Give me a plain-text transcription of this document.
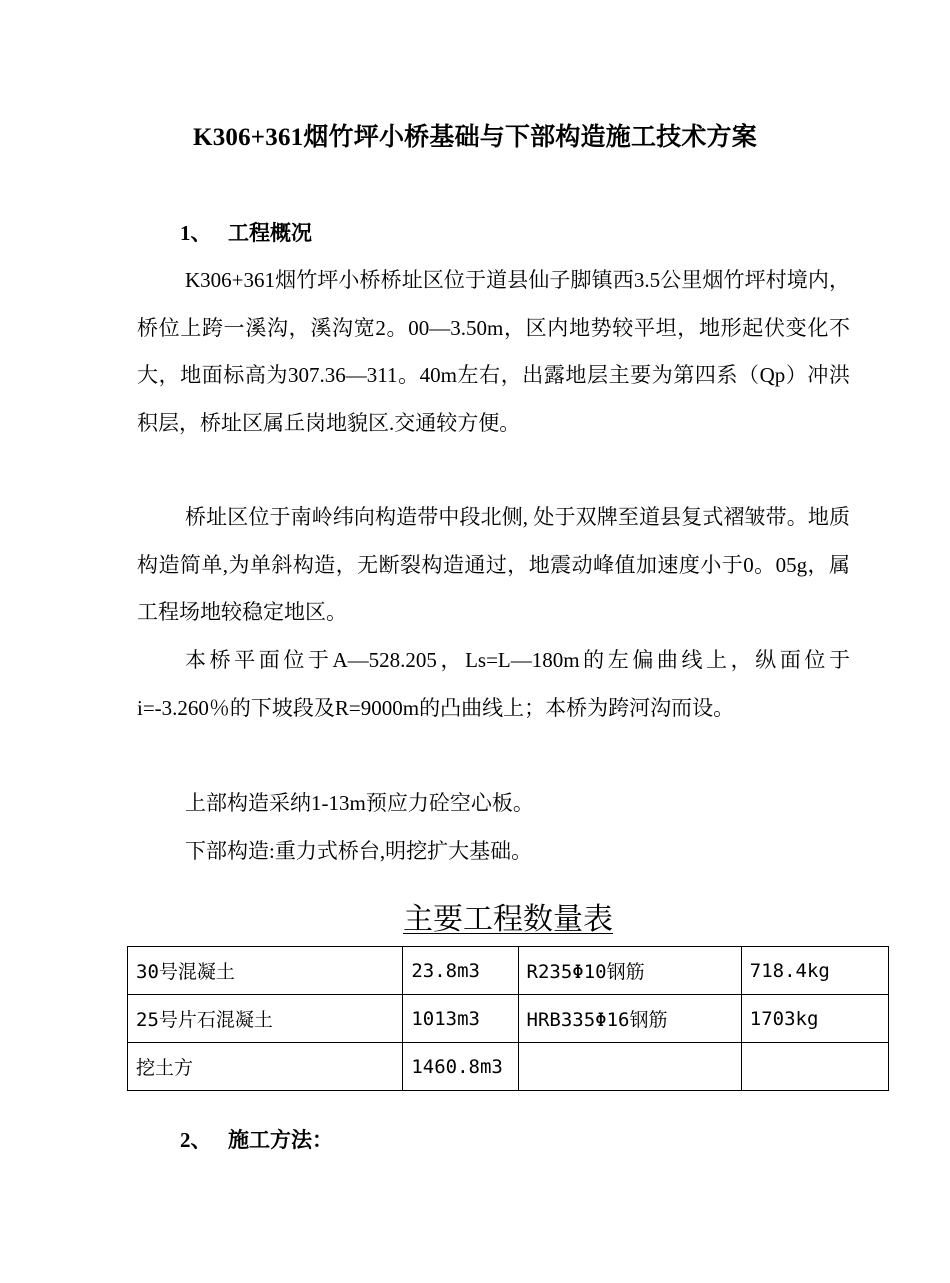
K306+361烟竹坪小桥基础与下部构造施工技术方案
1、 工程概况
K306+361烟竹坪小桥桥址区位于道县仙子脚镇西3.5公里烟竹坪村境内，桥位上跨一溪沟，溪沟宽2。00—3.50m，区内地势较平坦，地形起伏变化不大，地面标高为307.36—311。40m左右，出露地层主要为第四系（Qp）冲洪积层，桥址区属丘岗地貌区.交通较方便。
桥址区位于南岭纬向构造带中段北侧, 处于双牌至道县复式褶皱带。地质构造简单,为单斜构造，无断裂构造通过，地震动峰值加速度小于0。05g，属工程场地较稳定地区。
本桥平面位于A—528.205，Ls=L—180m的左偏曲线上，纵面位于i=-3.260％的下坡段及R=9000m的凸曲线上；本桥为跨河沟而设。
上部构造采纳1-13m预应力砼空心板。
下部构造:重力式桥台,明挖扩大基础。
主要工程数量表
30号混凝土	23.8m3	R235Φ10钢筋	718.4kg
25号片石混凝土	1013m3	HRB335Φ16钢筋	1703kg
挖土方	1460.8m3		
2、 施工方法：
